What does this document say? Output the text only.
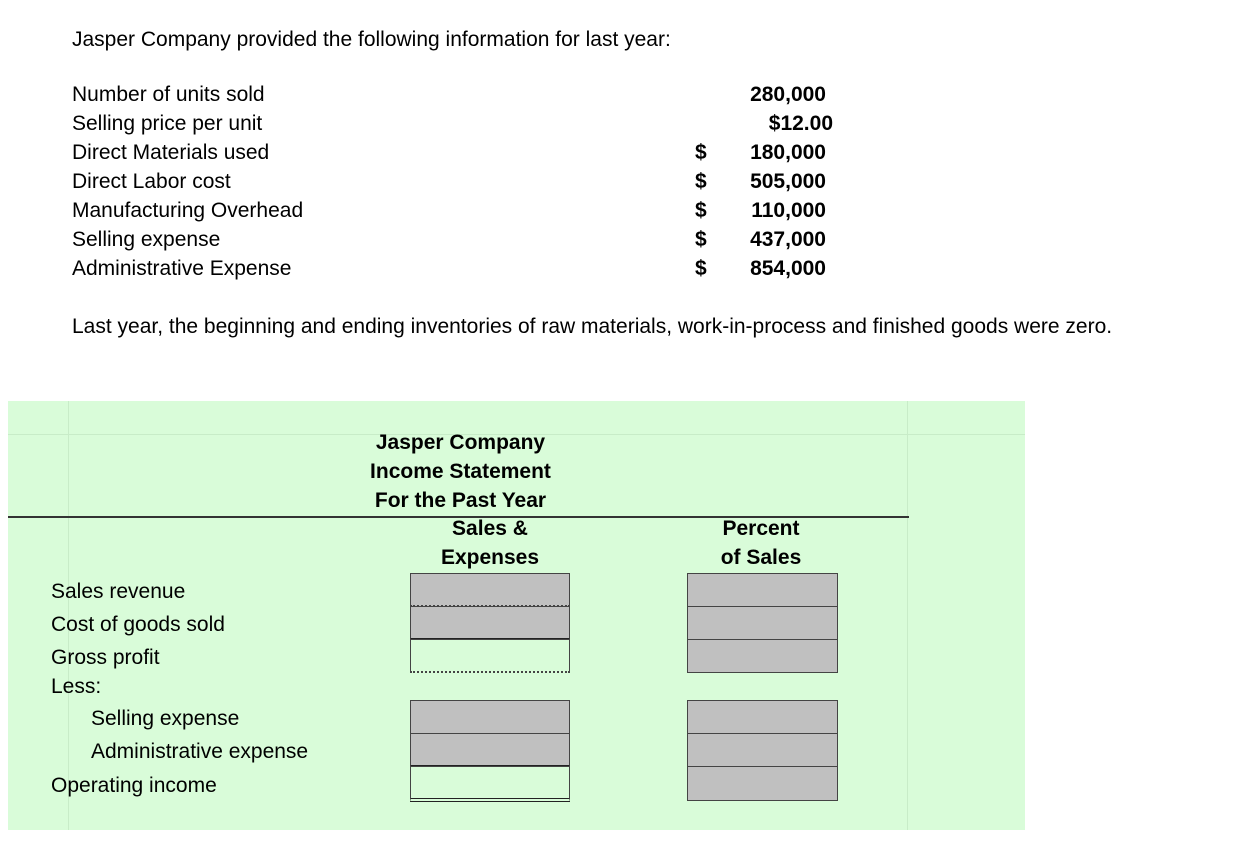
Jasper Company provided the following information for last year:
Number of units sold	280,000
Selling price per unit	$12.00
Direct Materials used	$ 180,000
Direct Labor cost	$ 505,000
Manufacturing Overhead	$ 110,000
Selling expense	$ 437,000
Administrative Expense	$ 854,000
Last year, the beginning and ending inventories of raw materials, work-in-process and finished goods were zero.
Jasper Company
Income Statement
For the Past Year
Sales &
Expenses
Percent
of Sales
Sales revenue
Cost of goods sold
Gross profit
Less:
Selling expense
Administrative expense
Operating income
